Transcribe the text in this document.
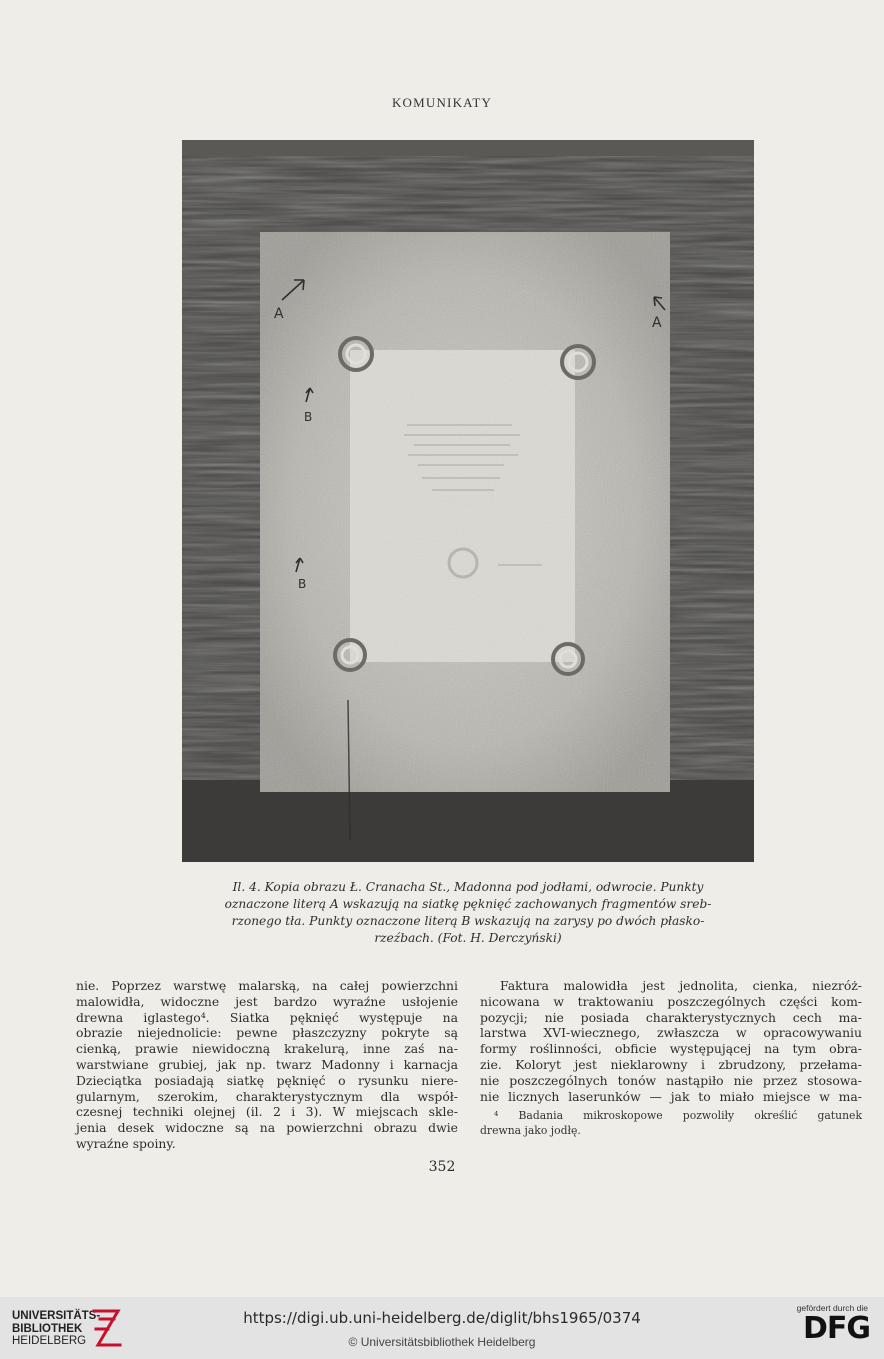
KOMUNIKATY
A
A
B
B
Il. 4. Kopia obrazu Ł. Cranacha St., Madonna pod jodłami, odwrocie. Punkty
oznaczone literą A wskazują na siatkę pęknięć zachowanych fragmentów sreb-
rzonego tła. Punkty oznaczone literą B wskazują na zarysy po dwóch płasko-
rzeźbach. (Fot. H. Derczyński)
nie. Poprzez warstwę malarską, na całej powierzchni
malowidła, widoczne jest bardzo wyraźne usłojenie
drewna iglastego⁴. Siatka pęknięć występuje na
obrazie niejednolicie: pewne płaszczyzny pokryte są
cienką, prawie niewidoczną krakelurą, inne zaś na-
warstwiane grubiej, jak np. twarz Madonny i karnacja
Dzieciątka posiadają siatkę pęknięć o rysunku niere-
gularnym, szerokim, charakterystycznym dla współ-
czesnej techniki olejnej (il. 2 i 3). W miejscach skle-
jenia desek widoczne są na powierzchni obrazu dwie
wyraźne spoiny.
Faktura malowidła jest jednolita, cienka, niezróż-
nicowana w traktowaniu poszczególnych części kom-
pozycji; nie posiada charakterystycznych cech ma-
larstwa XVI-wiecznego, zwłaszcza w opracowywaniu
formy roślinności, obficie występującej na tym obra-
zie. Koloryt jest nieklarowny i zbrudzony, przełama-
nie poszczególnych tonów nastąpiło nie przez stosowa-
nie licznych laserunków — jak to miało miejsce w ma-
⁴ Badania mikroskopowe pozwoliły określić gatunek
drewna jako jodłę.
352
UNIVERSITÄTS-
BIBLIOTHEK
HEIDELBERG
https://digi.ub.uni-heidelberg.de/diglit/bhs1965/0374
© Universitätsbibliothek Heidelberg
gefördert durch die
DFG
